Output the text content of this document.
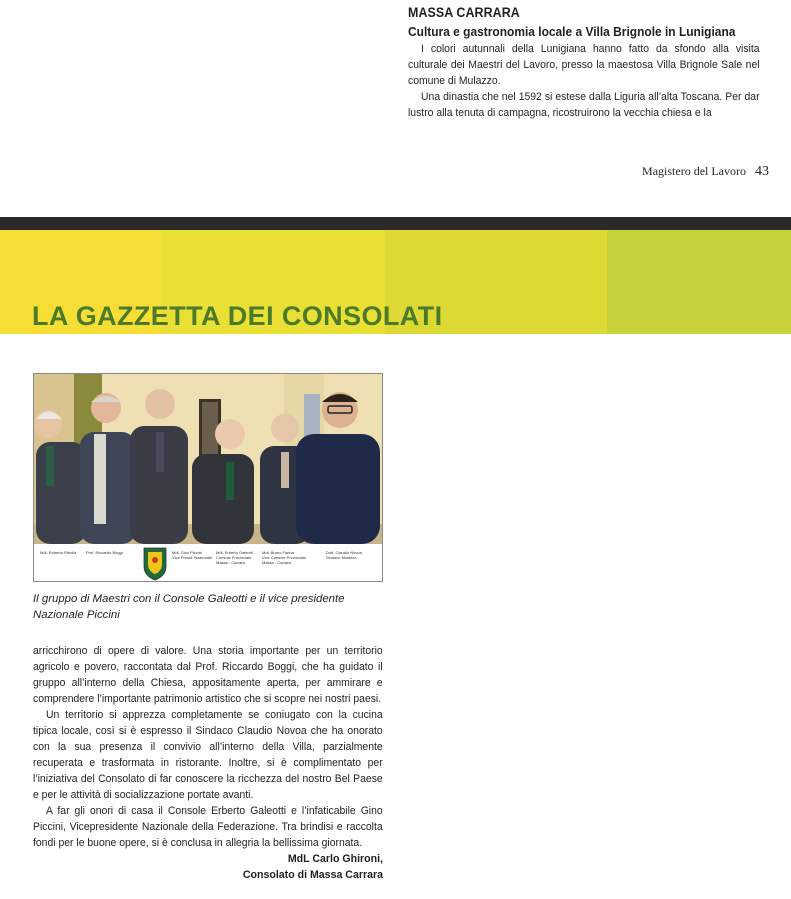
MASSA CARRARA
Cultura e gastronomia locale a Villa Brignole in Lunigiana

I colori autunnali della Lunigiana hanno fatto da sfondo alla visita culturale dei Maestri del Lavoro, presso la maestosa Villa Brignole Sale nel comune di Mulazzo.

Una dinastia che nel 1592 si estese dalla Liguria all’alta Toscana. Per dar lustro alla tenuta di campagna, ricostruirono la vecchia chiesa e la

Magistero del Lavoro 43
LA GAZZETTA DEI CONSOLATI
MdL Roberto Ribolla Prof. Riccardo Boggi	MdL Gino Piccini Vice Presid. Nazionale
MdL Erberto Galeotti Console Provinciale Massa - Carrara
MdL Bruno Farina Vice Console Provinciale Massa - Carrara
Dott. Claudio Novoa Sindaco Mulazzo
Il gruppo di Maestri con il Console Galeotti e il vice presidente Nazionale Piccini

arricchirono di opere di valore. Una storia importante per un territorio agricolo e povero, raccontata dal Prof. Riccardo Boggi, che ha guidato il gruppo all’interno della Chiesa, appositamente aperta, per ammirare e comprendere l’importante patrimonio artistico che si scopre nei nostri paesi.

Un territorio si apprezza completamente se coniugato con la cucina tipica locale, così si è espresso il Sindaco Claudio Novoa che ha onorato con la sua presenza il convivio all’interno della Villa, parzialmente recuperata e trasformata in ristorante. Inoltre, si è complimentato per l’iniziativa del Consolato di far conoscere la ricchezza del nostro Bel Paese e per le attività di socializzazione portate avanti.

A far gli onori di casa il Console Erberto Galeotti e l’infaticabile Gino Piccini, Vicepresidente Nazionale della Federazione. Tra brindisi e raccolta fondi per le buone opere, si è conclusa in allegria la bellissima giornata.

MdL Carlo Ghironi,
Consolato di Massa Carrara
